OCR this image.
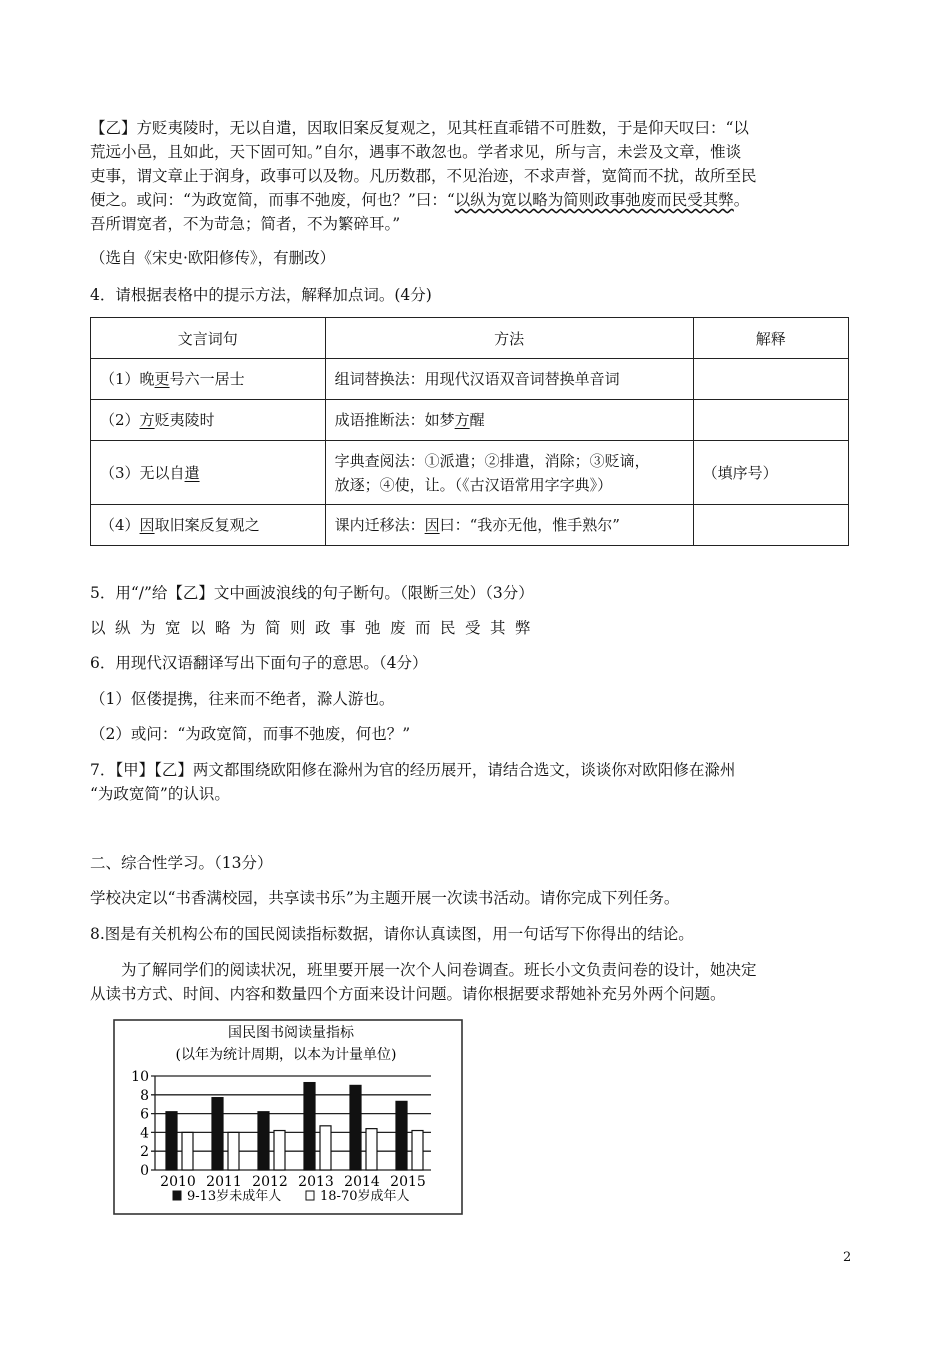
【乙】方贬夷陵时，无以自遣，因取旧案反复观之，见其枉直乖错不可胜数，于是仰天叹曰：“以

荒远小邑，且如此，天下固可知。”自尔，遇事不敢忽也。学者求见，所与言，未尝及文章，惟谈

吏事，谓文章止于润身，政事可以及物。凡历数郡，不见治迹，不求声誉，宽简而不扰，故所至民

便之。或问：“为政宽简，而事不弛废，何也？”曰：“以纵为宽以略为简则政事弛废而民受其弊。

吾所谓宽者，不为苛急；简者，不为繁碎耳。”

（选自《宋史·欧阳修传》，有删改）
4．请根据表格中的提示方法，解释加点词。(4分)
文言词句	方法	解释
（1）晚更号六一居士	组词替换法：用现代汉语双音词替换单音词	
（2）方贬夷陵时	成语推断法：如梦方醒	
（3）无以自遣	字典查阅法：①派遣；②排遣，消除；③贬谪，
放逐；④使，让。（《古汉语常用字字典》）	（填序号）
（4）因取旧案反复观之	课内迁移法：因曰：“我亦无他，惟手熟尔”	
5．用“/”给【乙】文中画波浪线的句子断句。（限断三处）（3分）
以纵为宽以略为简则政事弛废而民受其弊
6．用现代汉语翻译写出下面句子的意思。（4分）
（1）伛偻提携，往来而不绝者，滁人游也。
（2）或问：“为政宽简，而事不弛废，何也？”

7．【甲】【乙】两文都围绕欧阳修在滁州为官的经历展开，请结合选文，谈谈你对欧阳修在滁州

“为政宽简”的认识。

二、综合性学习。（13分）
学校决定以“书香满校园，共享读书乐”为主题开展一次读书活动。请你完成下列任务。
8.图是有关机构公布的国民阅读指标数据，请你认真读图，用一句话写下你得出的结论。

为了解同学们的阅读状况，班里要开展一次个人问卷调查。班长小文负责问卷的设计，她决定

从读书方式、时间、内容和数量四个方面来设计问题。请你根据要求帮她补充另外两个问题。

国民图书阅读量指标
(以年为统计周期，以本为计量单位)
0
2
4
6
8
10
2010 2011 2012 2013 2014 2015
9-13岁未成年人	18-70岁成年人
2
